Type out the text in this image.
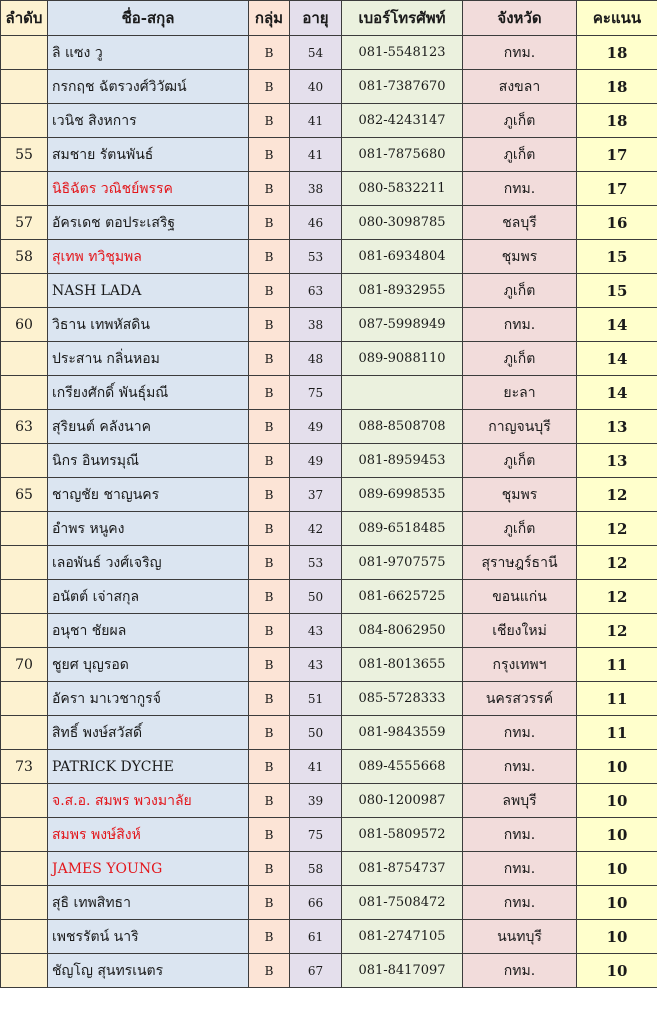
ลำดับ	ชื่อ-สกุล	กลุ่ม	อายุ	เบอร์โทรศัพท์	จังหวัด	คะแนน
	ลิ แซง วู	B	54	081-5548123	กทม.	18
	กรกฤช ฉัตรวงศ์วิวัฒน์	B	40	081-7387670	สงขลา	18
	เวนิช สิงหการ	B	41	082-4243147	ภูเก็ต	18
55	สมชาย รัตนพันธ์	B	41	081-7875680	ภูเก็ต	17
	นิธิฉัตร วณิชย์พรรค	B	38	080-5832211	กทม.	17
57	อัครเดช ตอประเสริฐ	B	46	080-3098785	ชลบุรี	16
58	สุเทพ ทวิชุมพล	B	53	081-6934804	ชุมพร	15
	NASH LADA	B	63	081-8932955	ภูเก็ต	15
60	วิธาน เทพหัสดิน	B	38	087-5998949	กทม.	14
	ประสาน กลิ่นหอม	B	48	089-9088110	ภูเก็ต	14
	เกรียงศักดิ์ พันธุ์มณี	B	75		ยะลา	14
63	สุริยนต์ คลังนาค	B	49	088-8508708	กาญจนบุรี	13
	นิกร อินทรมุณี	B	49	081-8959453	ภูเก็ต	13
65	ชาญชัย ชาญนคร	B	37	089-6998535	ชุมพร	12
	อำพร หนูคง	B	42	089-6518485	ภูเก็ต	12
	เลอพันธ์ วงศ์เจริญ	B	53	081-9707575	สุราษฎร์ธานี	12
	อนัตต์ เจ่าสกุล	B	50	081-6625725	ขอนแก่น	12
	อนุชา ชัยผล	B	43	084-8062950	เชียงใหม่	12
70	ชูยศ บุญรอด	B	43	081-8013655	กรุงเทพฯ	11
	อัครา มาเวชากูรจ์	B	51	085-5728333	นครสวรรค์	11
	สิทธิ์ พงษ์สวัสดิ์	B	50	081-9843559	กทม.	11
73	PATRICK DYCHE	B	41	089-4555668	กทม.	10
	จ.ส.อ. สมพร พวงมาลัย	B	39	080-1200987	ลพบุรี	10
	สมพร พงษ์สิงห์	B	75	081-5809572	กทม.	10
	JAMES YOUNG	B	58	081-8754737	กทม.	10
	สุธิ เทพสิทธา	B	66	081-7508472	กทม.	10
	เพชรรัตน์ นาริ	B	61	081-2747105	นนทบุรี	10
	ชัญโญ สุนทรเนตร	B	67	081-8417097	กทม.	10
